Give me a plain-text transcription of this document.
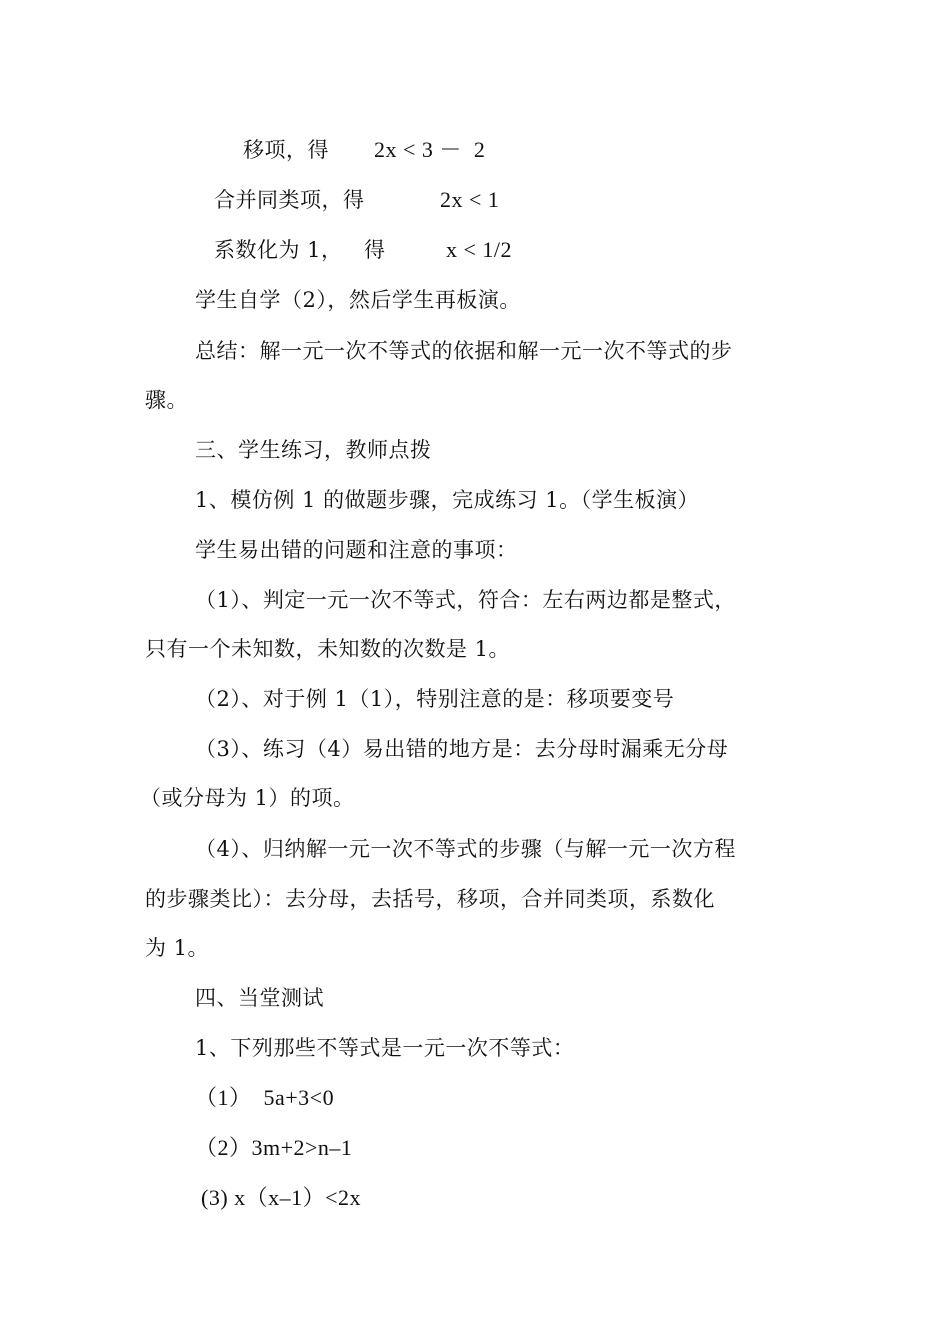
移项，得 2x < 3 －  2
合并同类项，得	2x < 1
系数化为 1，   得	x < 1/2
学生自学（2），然后学生再板演。
总结：解一元一次不等式的依据和解一元一次不等式的步
骤。
三、学生练习，教师点拨
1、模仿例 1 的做题步骤，完成练习 1。（学生板演）
学生易出错的问题和注意的事项：
（1）、判定一元一次不等式，符合：左右两边都是整式，
只有一个未知数，未知数的次数是 1。
（2）、对于例 1（1），特别注意的是：移项要变号
（3）、练习（4）易出错的地方是：去分母时漏乘无分母
（或分母为 1）的项。
（4）、归纳解一元一次不等式的步骤（与解一元一次方程
的步骤类比）：去分母，去括号，移项，合并同类项，系数化
为 1。
四、当堂测试
1、下列那些不等式是一元一次不等式：
（1）  5a+3<0
（2）3m+2>n–1
(3) x（x–1）<2x
